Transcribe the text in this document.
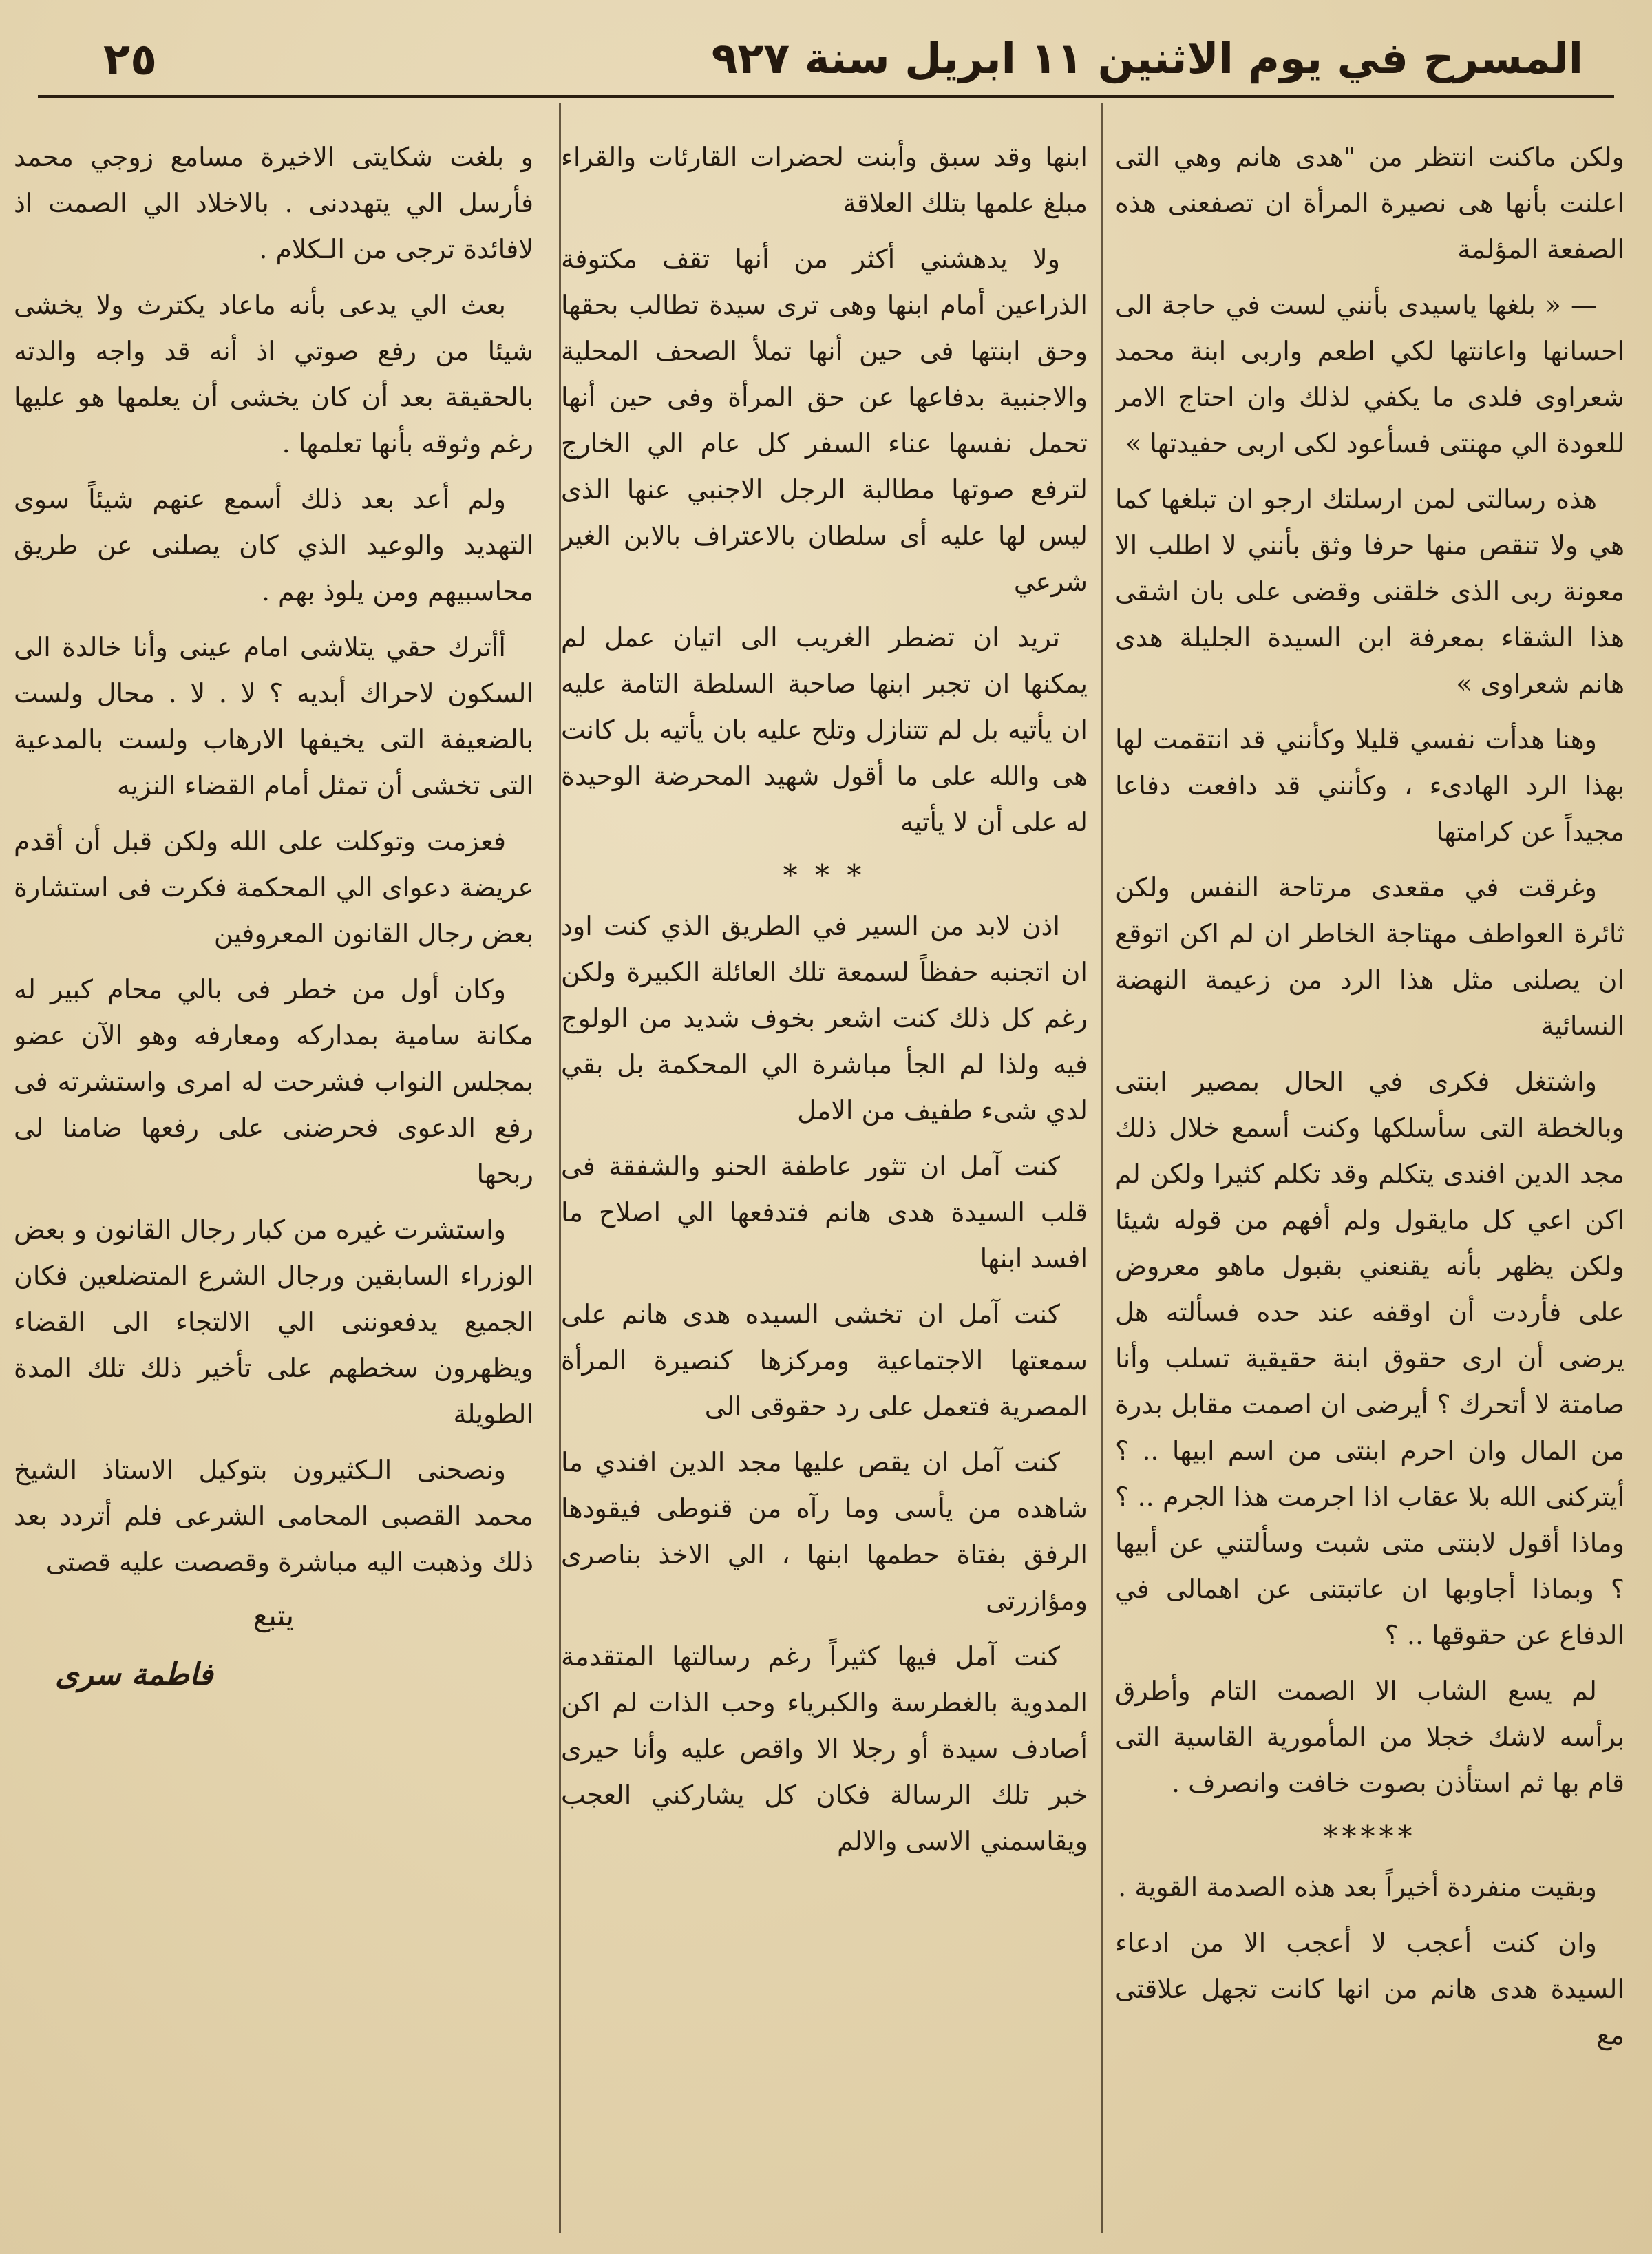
المسرح في يوم الاثنين ١١ ابريل سنة ٩٢٧
٢٥

ولكن ماكنت انتظر من "هدى هانم وهي التى اعلنت بأنها هى نصيرة المرأة ان تصفعنى هذه الصفعة المؤلمة

— « بلغها ياسيدى بأنني لست في حاجة الى احسانها واعانتها لكي اطعم واربى ابنة محمد شعراوى فلدى ما يكفي لذلك وان احتاج الامر للعودة الي مهنتى فسأعود لكى اربى حفيدتها »

هذه رسالتى لمن ارسلتك ارجو ان تبلغها كما هي ولا تنقص منها حرفا وثق بأنني لا اطلب الا معونة ربى الذى خلقنى وقضى على بان اشقى هذا الشقاء بمعرفة ابن السيدة الجليلة هدى هانم شعراوى »

وهنا هدأت نفسي قليلا وكأنني قد انتقمت لها بهذا الرد الهادىء ، وكأنني قد دافعت دفاعا مجيداً عن كرامتها

وغرقت في مقعدى مرتاحة النفس ولكن ثائرة العواطف مهتاجة الخاطر ان لم اكن اتوقع ان يصلنى مثل هذا الرد من زعيمة النهضة النسائية

واشتغل فكرى في الحال بمصير ابنتى وبالخطة التى سأسلكها وكنت أسمع خلال ذلك مجد الدين افندى يتكلم وقد تكلم كثيرا ولكن لم اكن اعي كل مايقول ولم أفهم من قوله شيئا ولكن يظهر بأنه يقنعني بقبول ماهو معروض على فأردت أن اوقفه عند حده فسألته هل يرضى أن ارى حقوق ابنة حقيقية تسلب وأنا صامتة لا أتحرك ؟ أيرضى ان اصمت مقابل بدرة من المال وان احرم ابنتى من اسم ابيها .. ؟ أيتركنى الله بلا عقاب اذا اجرمت هذا الجرم .. ؟ وماذا أقول لابنتى متى شبت وسألتني عن أبيها ؟ وبماذا أجاوبها ان عاتبتنى عن اهمالى في الدفاع عن حقوقها .. ؟

لم يسع الشاب الا الصمت التام وأطرق برأسه لاشك خجلا من المأمورية القاسية التى قام بها ثم استأذن بصوت خافت وانصرف .

*****

وبقيت منفردة أخيراً بعد هذه الصدمة القوية .

وان كنت أعجب لا أعجب الا من ادعاء السيدة هدى هانم من انها كانت تجهل علاقتى مع

ابنها وقد سبق وأبنت لحضرات القارئات والقراء مبلغ علمها بتلك العلاقة

ولا يدهشني أكثر من أنها تقف مكتوفة الذراعين أمام ابنها وهى ترى سيدة تطالب بحقها وحق ابنتها فى حين أنها تملأ الصحف المحلية والاجنبية بدفاعها عن حق المرأة وفى حين أنها تحمل نفسها عناء السفر كل عام الي الخارج لترفع صوتها مطالبة الرجل الاجنبي عنها الذى ليس لها عليه أى سلطان بالاعتراف بالابن الغير شرعي

تريد ان تضطر الغريب الى اتيان عمل لم يمكنها ان تجبر ابنها صاحبة السلطة التامة عليه ان يأتيه بل لم تتنازل وتلح عليه بان يأتيه بل كانت هى والله على ما أقول شهيد المحرضة الوحيدة له على أن لا يأتيه

* * *

اذن لابد من السير في الطريق الذي كنت اود ان اتجنبه حفظاً لسمعة تلك العائلة الكبيرة ولكن رغم كل ذلك كنت اشعر بخوف شديد من الولوج فيه ولذا لم الجأ مباشرة الي المحكمة بل بقي لدي شىء طفيف من الامل

كنت آمل ان تثور عاطفة الحنو والشفقة فى قلب السيدة هدى هانم فتدفعها الي اصلاح ما افسد ابنها

كنت آمل ان تخشى السيده هدى هانم على سمعتها الاجتماعية ومركزها كنصيرة المرأة المصرية فتعمل على رد حقوقى الى

كنت آمل ان يقص عليها مجد الدين افندي ما شاهده من يأسى وما رآه من قنوطى فيقودها الرفق بفتاة حطمها ابنها ، الي الاخذ بناصرى ومؤازرتى

كنت آمل فيها كثيراً رغم رسالتها المتقدمة المدوية بالغطرسة والكبرياء وحب الذات لم اكن أصادف سيدة أو رجلا الا واقص عليه وأنا حيرى خبر تلك الرسالة فكان كل يشاركني العجب ويقاسمني الاسى والالم

و بلغت شكايتى الاخيرة مسامع زوجي محمد فأرسل الي يتهددنى . بالاخلاد الي الصمت اذ لافائدة ترجى من الـكلام .

بعث الي يدعى بأنه ماعاد يكترث ولا يخشى شيئا من رفع صوتي اذ أنه قد واجه والدته بالحقيقة بعد أن كان يخشى أن يعلمها هو عليها رغم وثوقه بأنها تعلمها .

ولم أعد بعد ذلك أسمع عنهم شيئاً سوى التهديد والوعيد الذي كان يصلنى عن طريق محاسبيهم ومن يلوذ بهم .

أأترك حقي يتلاشى امام عينى وأنا خالدة الى السكون لاحراك أبديه ؟ لا . لا . محال ولست بالضعيفة التى يخيفها الارهاب ولست بالمدعية التى تخشى أن تمثل أمام القضاء النزيه

فعزمت وتوكلت على الله ولكن قبل أن أقدم عريضة دعواى الي المحكمة فكرت فى استشارة بعض رجال القانون المعروفين

وكان أول من خطر فى بالي محام كبير له مكانة سامية بمداركه ومعارفه وهو الآن عضو بمجلس النواب فشرحت له امرى واستشرته فى رفع الدعوى فحرضنى على رفعها ضامنا لى ربحها

واستشرت غيره من كبار رجال القانون و بعض الوزراء السابقين ورجال الشرع المتضلعين فكان الجميع يدفعوننى الي الالتجاء الى القضاء ويظهرون سخطهم على تأخير ذلك تلك المدة الطويلة

ونصحنى الـكثيرون بتوكيل الاستاذ الشيخ محمد القصبى المحامى الشرعى فلم أتردد بعد ذلك وذهبت اليه مباشرة وقصصت عليه قصتى

يتبع
فاطمة سرى
